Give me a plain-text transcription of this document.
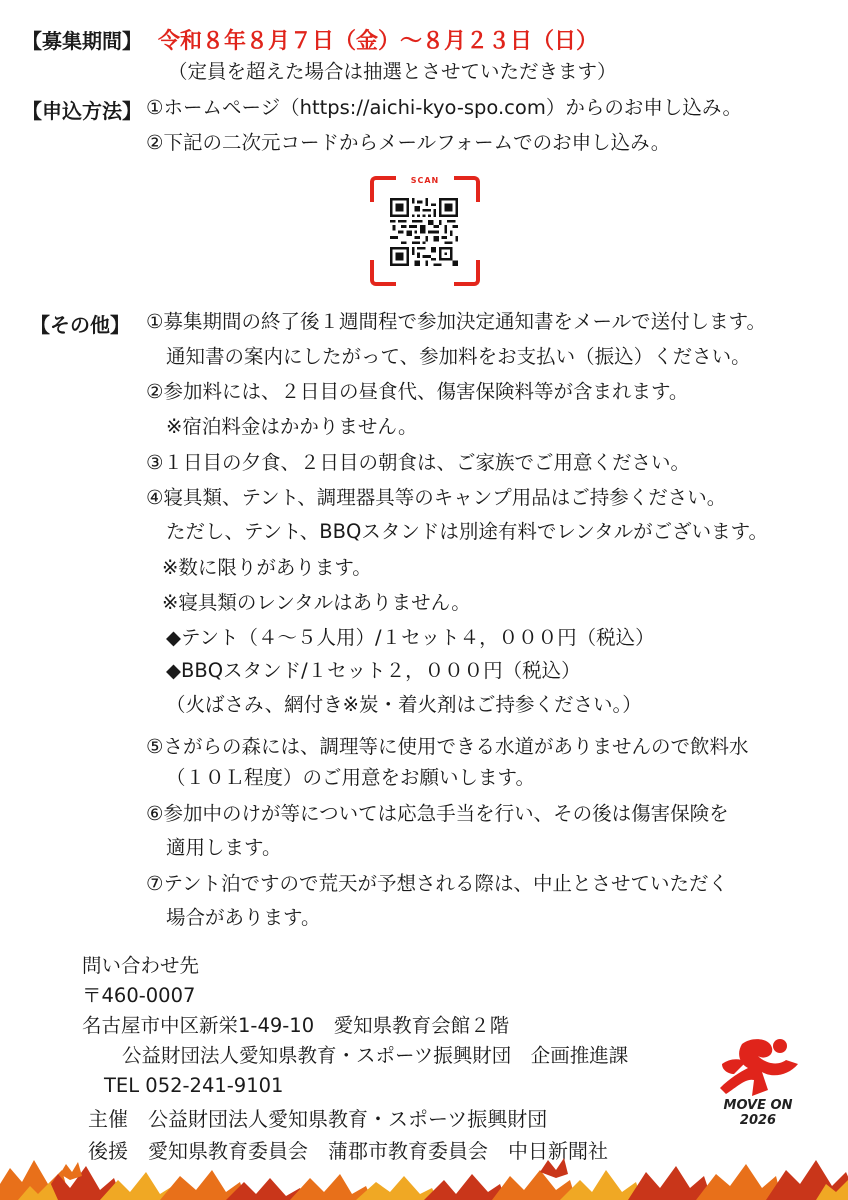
【募集期間】 令和８年８月７日（金）〜８月２３日（日）
（定員を超えた場合は抽選とさせていただきます）
【申込方法】 ①ホームページ（https://aichi-kyo-spo.com）からのお申し込み。
②下記の二次元コードからメールフォームでのお申し込み。
SCAN
【その他】 ①募集期間の終了後１週間程で参加決定通知書をメールで送付します。
通知書の案内にしたがって、参加料をお支払い（振込）ください。
②参加料には、２日目の昼食代、傷害保険料等が含まれます。
※宿泊料金はかかりません。
③１日目の夕食、２日目の朝食は、ご家族でご用意ください。
④寝具類、テント、調理器具等のキャンプ用品はご持参ください。
ただし、テント、BBQスタンドは別途有料でレンタルがございます。
※数に限りがあります。
※寝具類のレンタルはありません。
◆テント（４〜５人用）/１セット４，０００円（税込）
◆BBQスタンド/１セット２，０００円（税込）
（火ばさみ、網付き※炭・着火剤はご持参ください。）
⑤さがらの森には、調理等に使用できる水道がありませんので飲料水
（１０Ｌ程度）のご用意をお願いします。
⑥参加中のけが等については応急手当を行い、その後は傷害保険を
適用します。
⑦テント泊ですので荒天が予想される際は、中止とさせていただく
場合があります。
問い合わせ先
〒460-0007
名古屋市中区新栄1-49-10　愛知県教育会館２階
公益財団法人愛知県教育・スポーツ振興財団　企画推進課
TEL 052-241-9101
主催　公益財団法人愛知県教育・スポーツ振興財団
後援　愛知県教育委員会　蒲郡市教育委員会　中日新聞社
MOVE ON
2026
